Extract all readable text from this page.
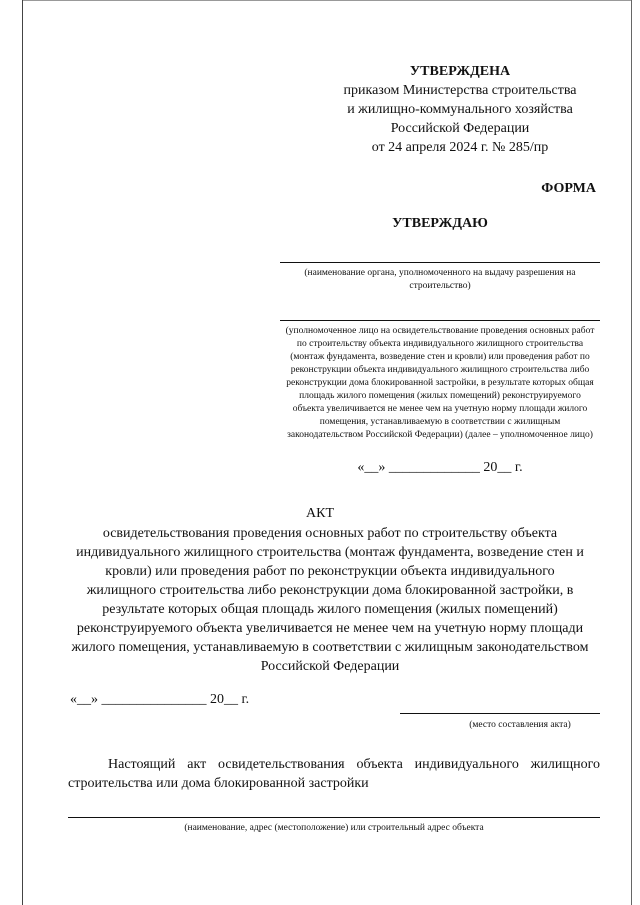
УТВЕРЖДЕНА
приказом Министерства строительства
и жилищно-коммунального хозяйства
Российской Федерации
от 24 апреля 2024 г. № 285/пр
ФОРМА
УТВЕРЖДАЮ
(наименование органа, уполномоченного на выдачу разрешения на строительство)
(уполномоченное лицо на освидетельствование проведения основных работ по строительству объекта индивидуального жилищного строительства (монтаж фундамента, возведение стен и кровли) или проведения работ по реконструкции объекта индивидуального жилищного строительства либо реконструкции дома блокированной застройки, в результате которых общая площадь жилого помещения (жилых помещений) реконструируемого объекта увеличивается не менее чем на учетную норму площади жилого помещения, устанавливаемую в соответствии с жилищным законодательством Российской Федерации) (далее – уполномоченное лицо)
«__» _____________ 20__ г.
АКТ
освидетельствования проведения основных работ по строительству объекта индивидуального жилищного строительства (монтаж фундамента, возведение стен и кровли) или проведения работ по реконструкции объекта индивидуального жилищного строительства либо реконструкции дома блокированной застройки, в результате которых общая площадь жилого помещения (жилых помещений) реконструируемого объекта увеличивается не менее чем на учетную норму площади жилого помещения, устанавливаемую в соответствии с жилищным законодательством Российской Федерации
«__» _______________ 20__ г.
(место составления акта)
Настоящий акт освидетельствования объекта индивидуального жилищного строительства или дома блокированной застройки
(наименование, адрес (местоположение) или строительный адрес объекта
